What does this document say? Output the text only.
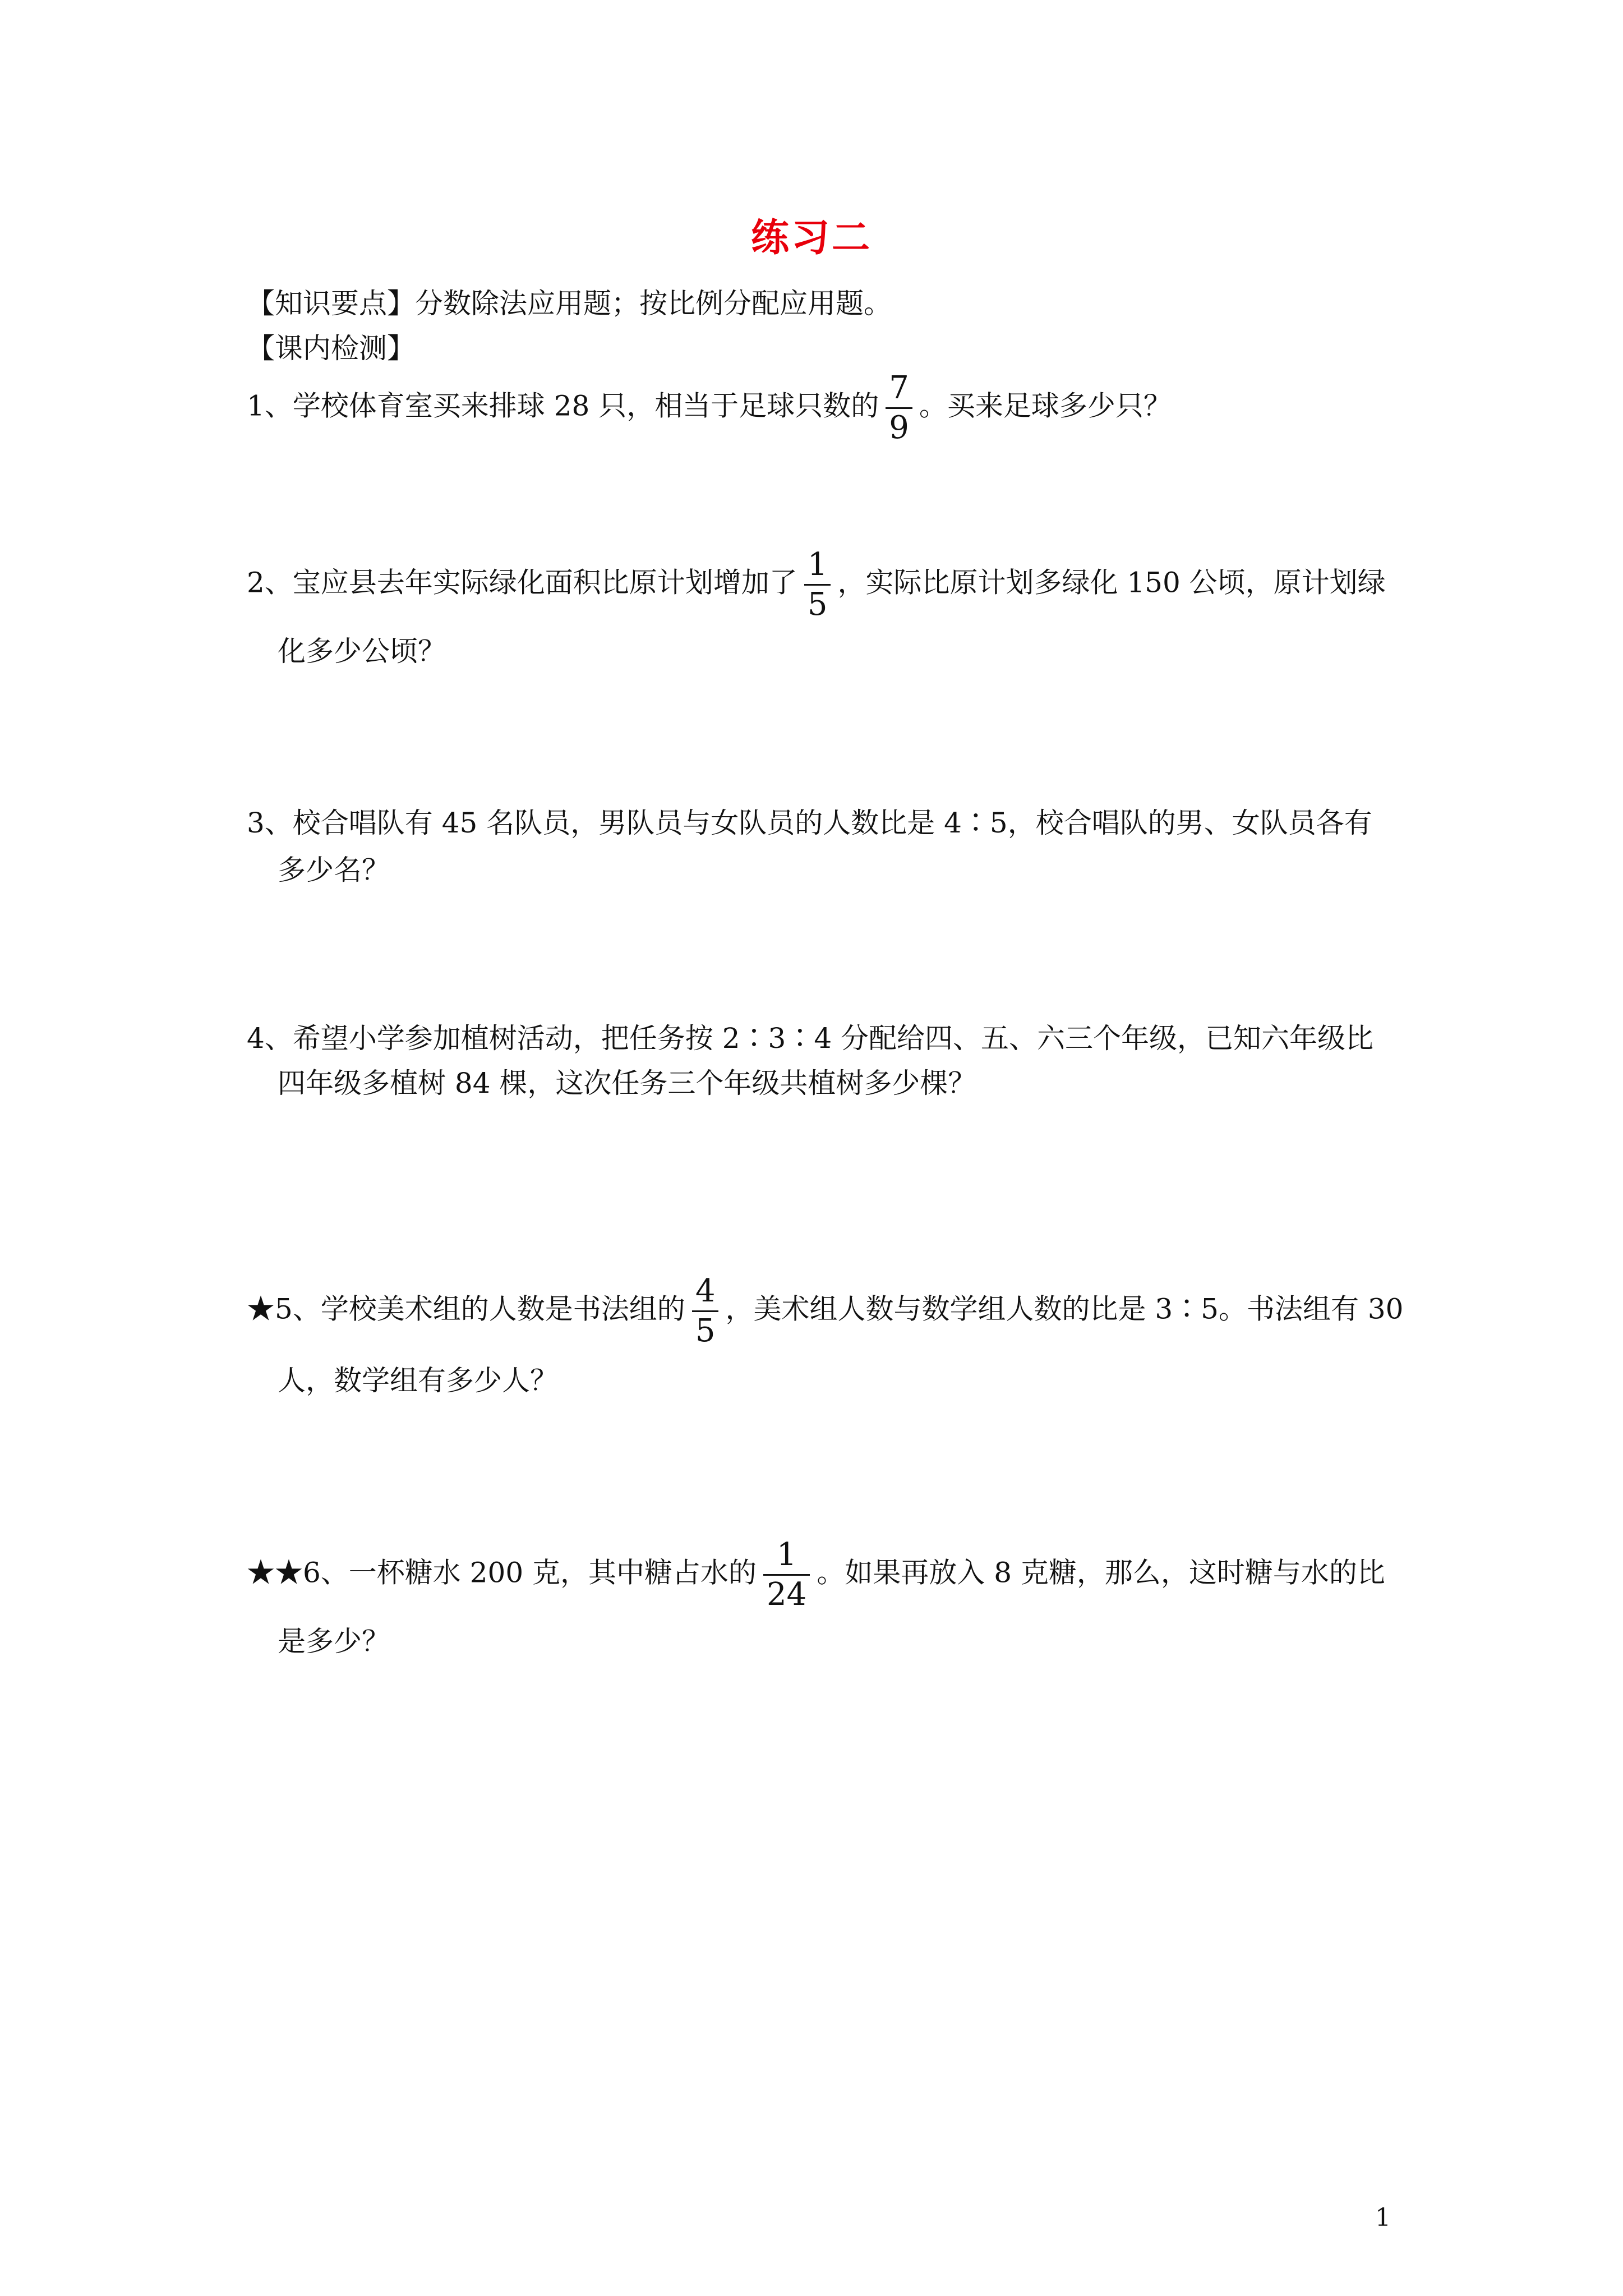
练习二
【知识要点】分数除法应用题；按比例分配应用题。
【课内检测】
1、学校体育室买来排球 28 只，相当于足球只数的 $\frac{7}{9}$ 。买来足球多少只？
2、宝应县去年实际绿化面积比原计划增加了 $\frac{1}{5}$ ，实际比原计划多绿化 150 公顷，原计划绿
化多少公顷？
3、校合唱队有 45 名队员，男队员与女队员的人数比是 4∶5，校合唱队的男、女队员各有
多少名？
4、希望小学参加植树活动，把任务按 2∶3∶4 分配给四、五、六三个年级，已知六年级比
四年级多植树 84 棵，这次任务三个年级共植树多少棵？
★5、学校美术组的人数是书法组的 $\frac{4}{5}$ ，美术组人数与数学组人数的比是 3∶5。书法组有 30
人，数学组有多少人？
★★6、一杯糖水 200 克，其中糖占水的 $\frac{1}{24}$ 。如果再放入 8 克糖，那么，这时糖与水的比
是多少？
1
